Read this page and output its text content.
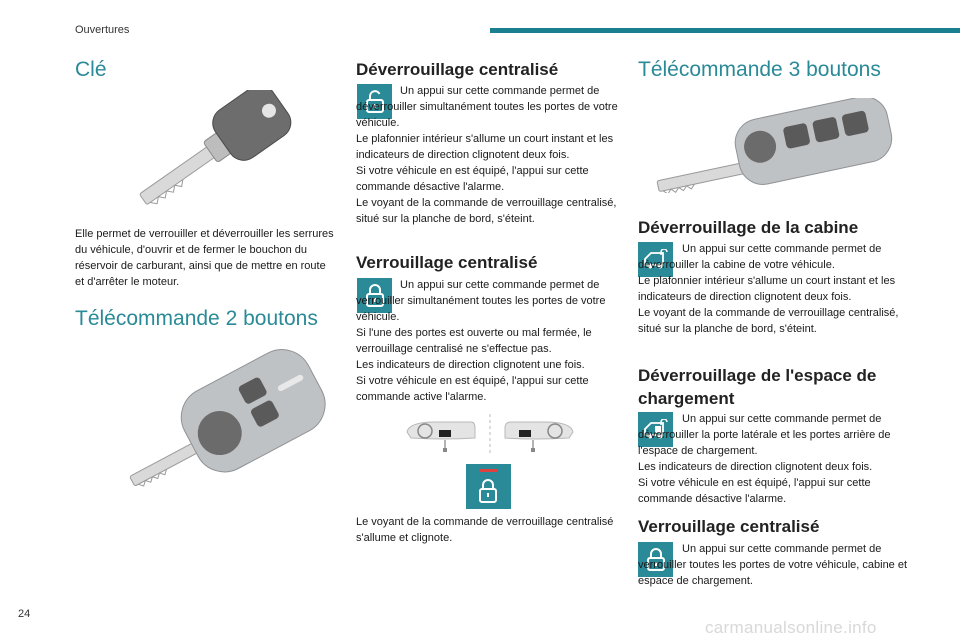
Ouvertures
24
carmanualsonline.info
Clé

Elle permet de verrouiller et déverrouiller les serrures du véhicule, d'ouvrir et de fermer le bouchon du réservoir de carburant, ainsi que de mettre en route et d'arrêter le moteur.

Télécommande 2 boutons
Déverrouillage centralisé

Un appui sur cette commande permet de déverrouiller simultanément toutes les portes de votre véhicule.

Le plafonnier intérieur s'allume un court instant et les indicateurs de direction clignotent deux fois.

Si votre véhicule en est équipé, l'appui sur cette commande désactive l'alarme.

Le voyant de la commande de verrouillage centralisé, situé sur la planche de bord, s'éteint.

Verrouillage centralisé

Un appui sur cette commande permet de verrouiller simultanément toutes les portes de votre véhicule.

Si l'une des portes est ouverte ou mal fermée, le verrouillage centralisé ne s'effectue pas.

Les indicateurs de direction clignotent une fois.

Si votre véhicule en est équipé, l'appui sur cette commande active l'alarme.

Le voyant de la commande de verrouillage centralisé s'allume et clignote.

Télécommande 3 boutons
Déverrouillage de la cabine

Un appui sur cette commande permet de déverrouiller la cabine de votre véhicule.

Le plafonnier intérieur s'allume un court instant et les indicateurs de direction clignotent deux fois.

Le voyant de la commande de verrouillage centralisé, situé sur la planche de bord, s'éteint.

Déverrouillage de l'espace de chargement

Un appui sur cette commande permet de déverrouiller la porte latérale et les portes arrière de l'espace de chargement.

Les indicateurs de direction clignotent deux fois.

Si votre véhicule en est équipé, l'appui sur cette commande désactive l'alarme.

Verrouillage centralisé

Un appui sur cette commande permet de verrouiller toutes les portes de votre véhicule, cabine et espace de chargement.
